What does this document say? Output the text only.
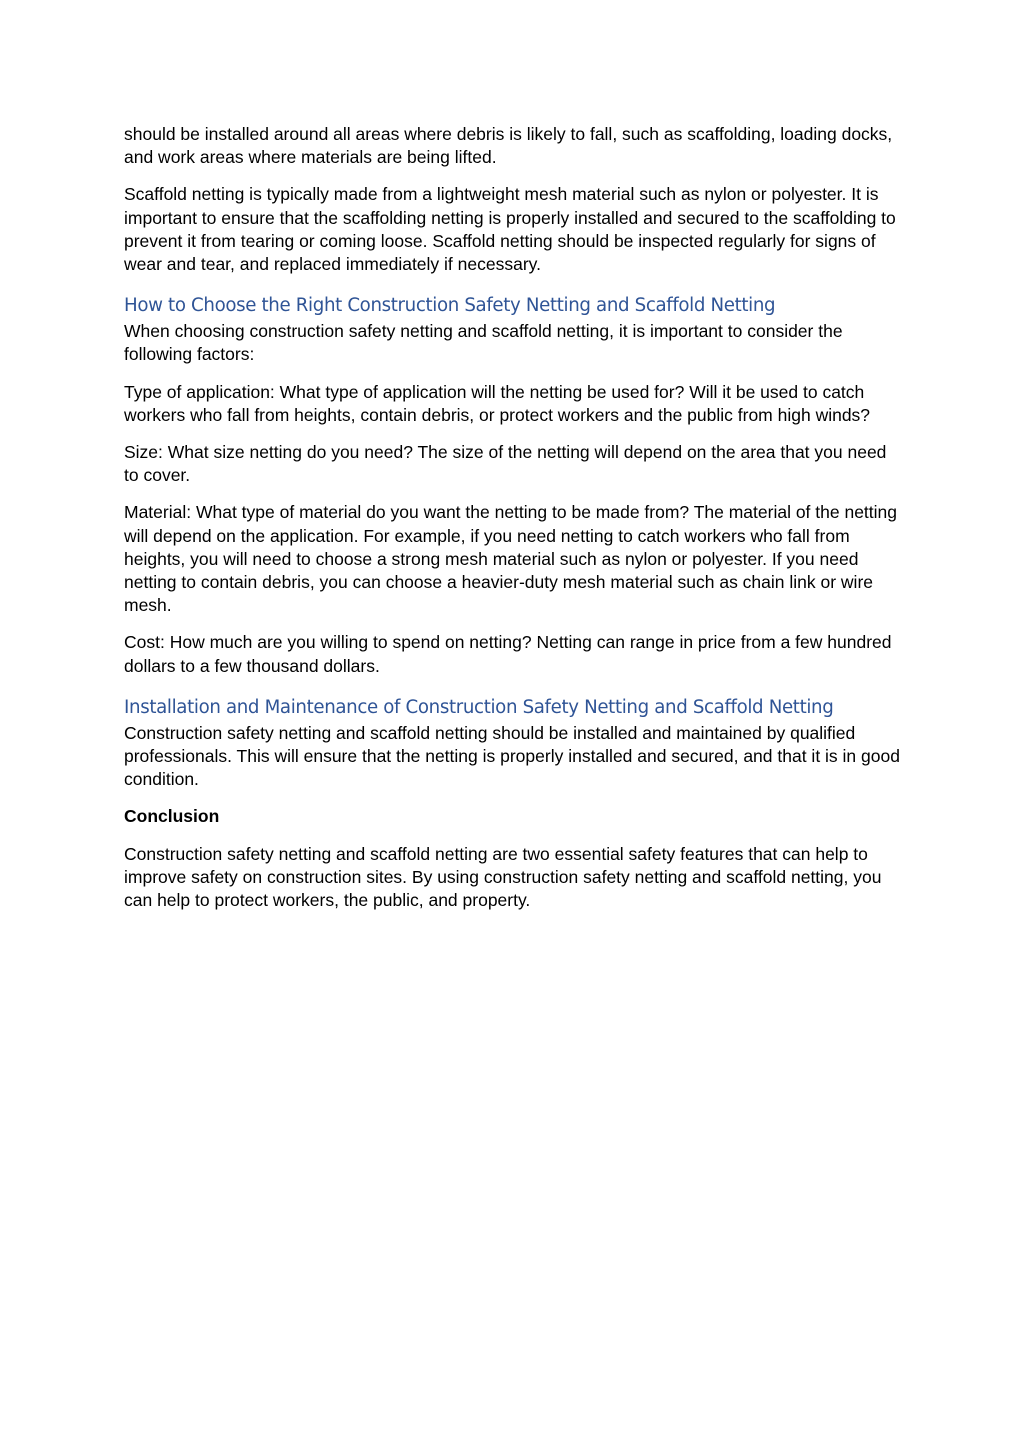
should be installed around all areas where debris is likely to fall, such as scaffolding, loading docks, and work areas where materials are being lifted.

Scaffold netting is typically made from a lightweight mesh material such as nylon or polyester. It is important to ensure that the scaffolding netting is properly installed and secured to the scaffolding to prevent it from tearing or coming loose. Scaffold netting should be inspected regularly for signs of wear and tear, and replaced immediately if necessary.

How to Choose the Right Construction Safety Netting and Scaffold Netting

When choosing construction safety netting and scaffold netting, it is important to consider the following factors:

Type of application: What type of application will the netting be used for? Will it be used to catch workers who fall from heights, contain debris, or protect workers and the public from high winds?

Size: What size netting do you need? The size of the netting will depend on the area that you need to cover.

Material: What type of material do you want the netting to be made from? The material of the netting will depend on the application. For example, if you need netting to catch workers who fall from heights, you will need to choose a strong mesh material such as nylon or polyester. If you need netting to contain debris, you can choose a heavier-duty mesh material such as chain link or wire mesh.

Cost: How much are you willing to spend on netting? Netting can range in price from a few hundred dollars to a few thousand dollars.

Installation and Maintenance of Construction Safety Netting and Scaffold Netting

Construction safety netting and scaffold netting should be installed and maintained by qualified professionals. This will ensure that the netting is properly installed and secured, and that it is in good condition.

Conclusion

Construction safety netting and scaffold netting are two essential safety features that can help to improve safety on construction sites. By using construction safety netting and scaffold netting, you can help to protect workers, the public, and property.
